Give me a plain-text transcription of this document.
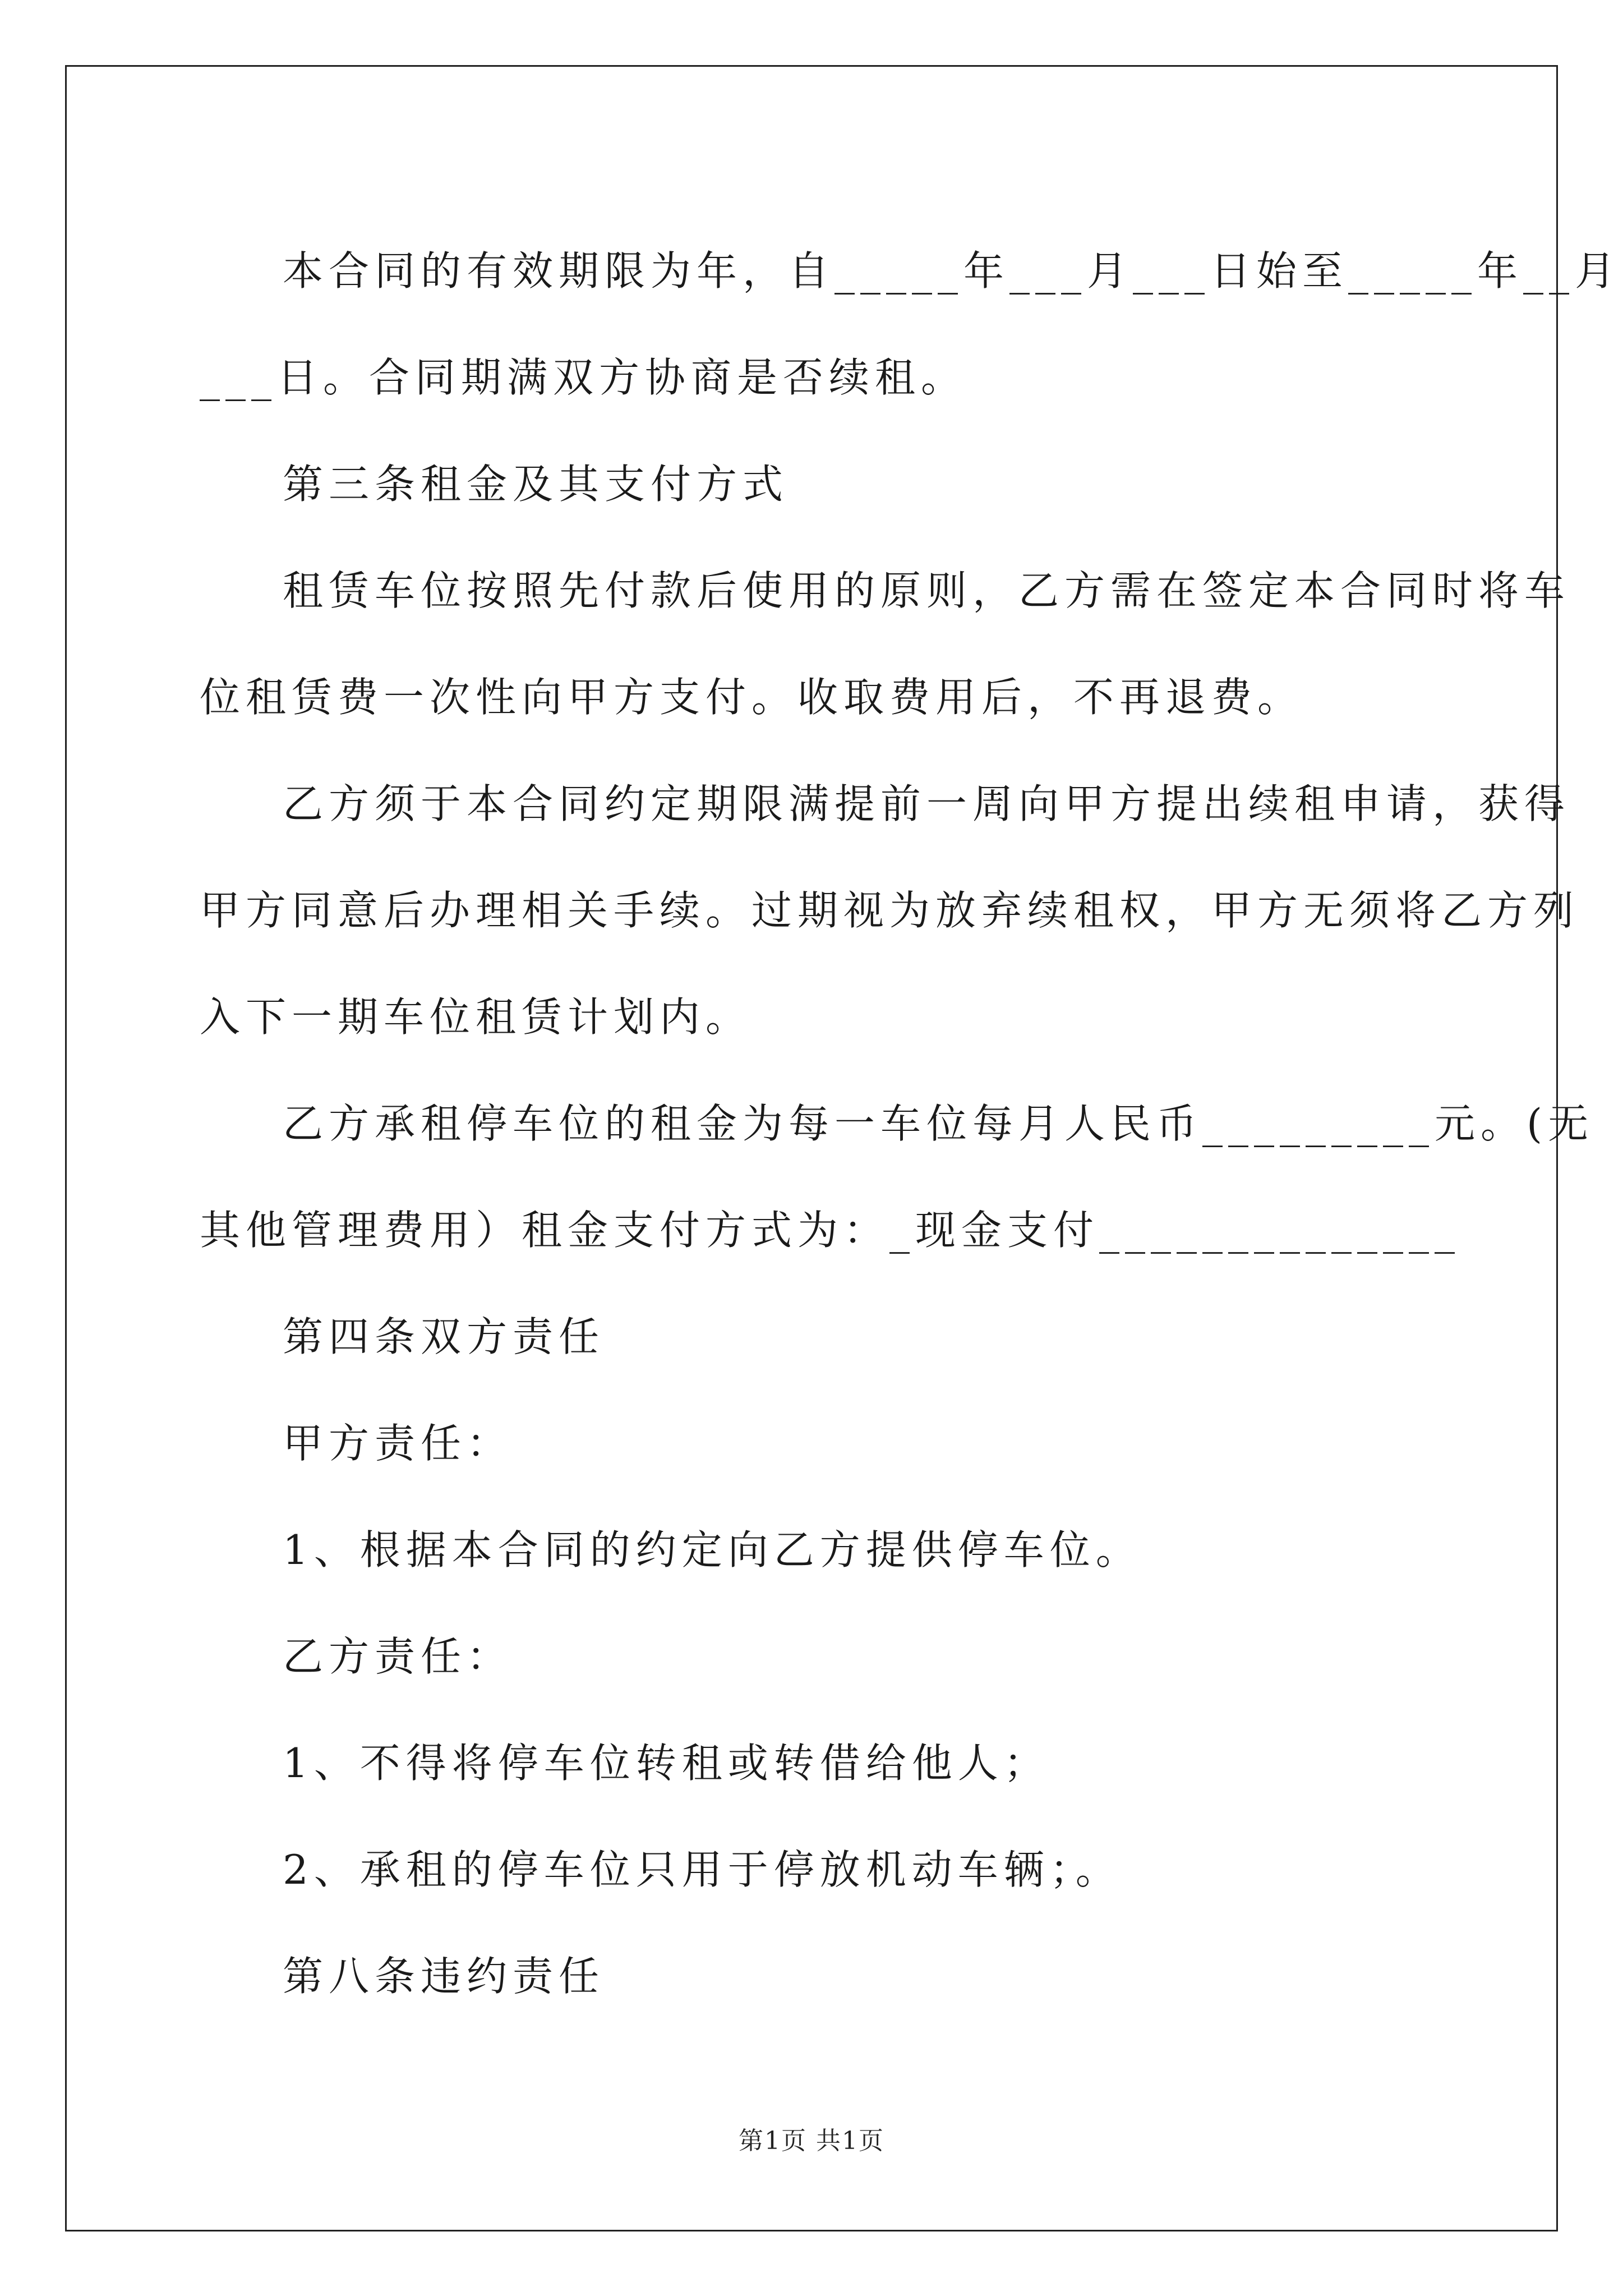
本合同的有效期限为年，自_____年___月___日始至_____年__月

___日。合同期满双方协商是否续租。

第三条租金及其支付方式

租赁车位按照先付款后使用的原则，乙方需在签定本合同时将车

位租赁费一次性向甲方支付。收取费用后，不再退费。

乙方须于本合同约定期限满提前一周向甲方提出续租申请，获得

甲方同意后办理相关手续。过期视为放弃续租权，甲方无须将乙方列

入下一期车位租赁计划内。

乙方承租停车位的租金为每一车位每月人民币_________元。(无

其他管理费用）租金支付方式为：_现金支付______________

第四条双方责任

甲方责任：

1、根据本合同的约定向乙方提供停车位。

乙方责任：

1、不得将停车位转租或转借给他人；

2、承租的停车位只用于停放机动车辆；。

第八条违约责任

第1页 共1页
